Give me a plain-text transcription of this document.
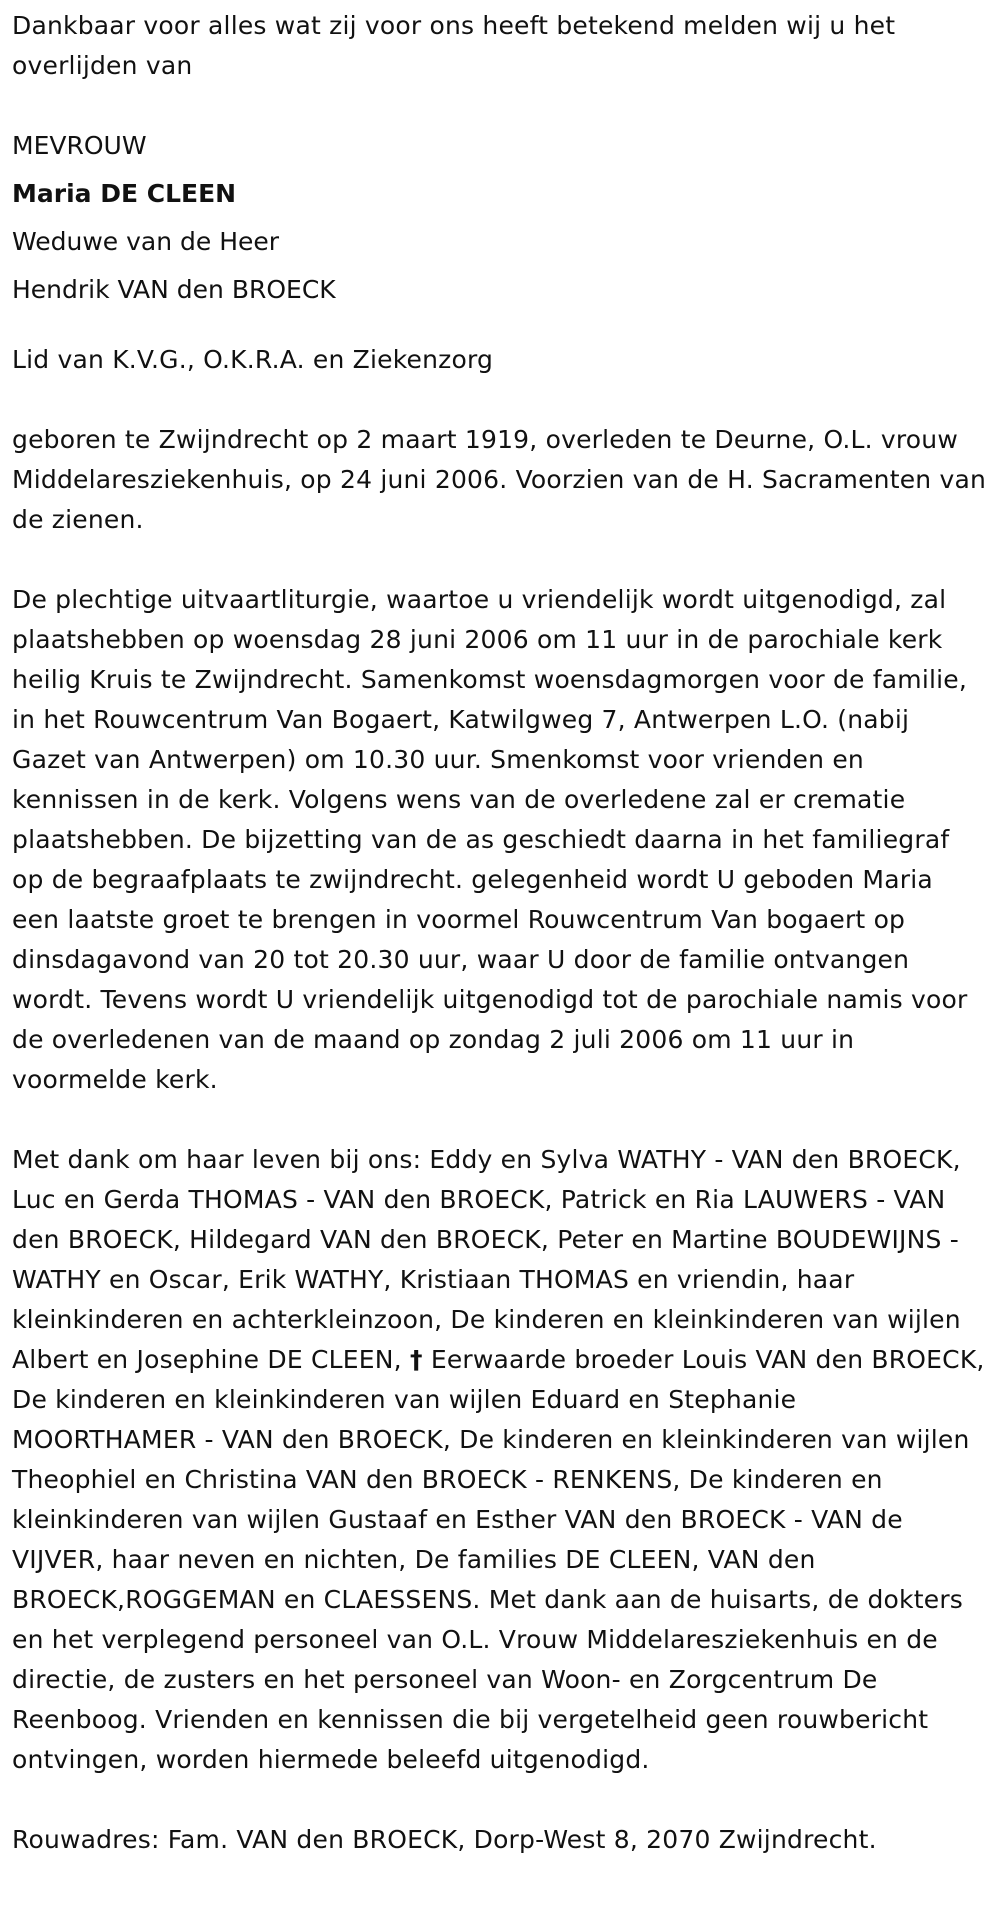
Dankbaar voor alles wat zij voor ons heeft betekend melden wij u het overlijden van

MEVROUW
Maria DE CLEEN
Weduwe van de Heer
Hendrik VAN den BROECK

Lid van K.V.G., O.K.R.A. en Ziekenzorg

geboren te Zwijndrecht op 2 maart 1919, overleden te Deurne, O.L. vrouw Middelaresziekenhuis, op 24 juni 2006. Voorzien van de H. Sacramenten van de zienen.

De plechtige uitvaartliturgie, waartoe u vriendelijk wordt uitgenodigd, zal plaatshebben op woensdag 28 juni 2006 om 11 uur in de parochiale kerk heilig Kruis te Zwijndrecht. Samenkomst woensdagmorgen voor de familie, in het Rouwcentrum Van Bogaert, Katwilgweg 7, Antwerpen L.O. (nabij Gazet van Antwerpen) om 10.30 uur. Smenkomst voor vrienden en kennissen in de kerk. Volgens wens van de overledene zal er crematie plaatshebben. De bijzetting van de as geschiedt daarna in het familiegraf op de begraafplaats te zwijndrecht. gelegenheid wordt U geboden Maria een laatste groet te brengen in voormel Rouwcentrum Van bogaert op dinsdagavond van 20 tot 20.30 uur, waar U door de familie ontvangen wordt. Tevens wordt U vriendelijk uitgenodigd tot de parochiale namis voor de overledenen van de maand op zondag 2 juli 2006 om 11 uur in voormelde kerk.

Met dank om haar leven bij ons: Eddy en Sylva WATHY - VAN den BROECK, Luc en Gerda THOMAS - VAN den BROECK, Patrick en Ria LAUWERS - VAN den BROECK, Hildegard VAN den BROECK, Peter en Martine BOUDEWIJNS - WATHY en Oscar, Erik WATHY, Kristiaan THOMAS en vriendin, haar kleinkinderen en achterkleinzoon, De kinderen en kleinkinderen van wijlen Albert en Josephine DE CLEEN, † Eerwaarde broeder Louis VAN den BROECK, De kinderen en kleinkinderen van wijlen Eduard en Stephanie MOORTHAMER - VAN den BROECK, De kinderen en kleinkinderen van wijlen Theophiel en Christina VAN den BROECK - RENKENS, De kinderen en kleinkinderen van wijlen Gustaaf en Esther VAN den BROECK - VAN de VIJVER, haar neven en nichten, De families DE CLEEN, VAN den BROECK,ROGGEMAN en CLAESSENS. Met dank aan de huisarts, de dokters en het verplegend personeel van O.L. Vrouw Middelaresziekenhuis en de directie, de zusters en het personeel van Woon- en Zorgcentrum De Reenboog. Vrienden en kennissen die bij vergetelheid geen rouwbericht ontvingen, worden hiermede beleefd uitgenodigd.

Rouwadres: Fam. VAN den BROECK, Dorp-West 8, 2070 Zwijndrecht.
